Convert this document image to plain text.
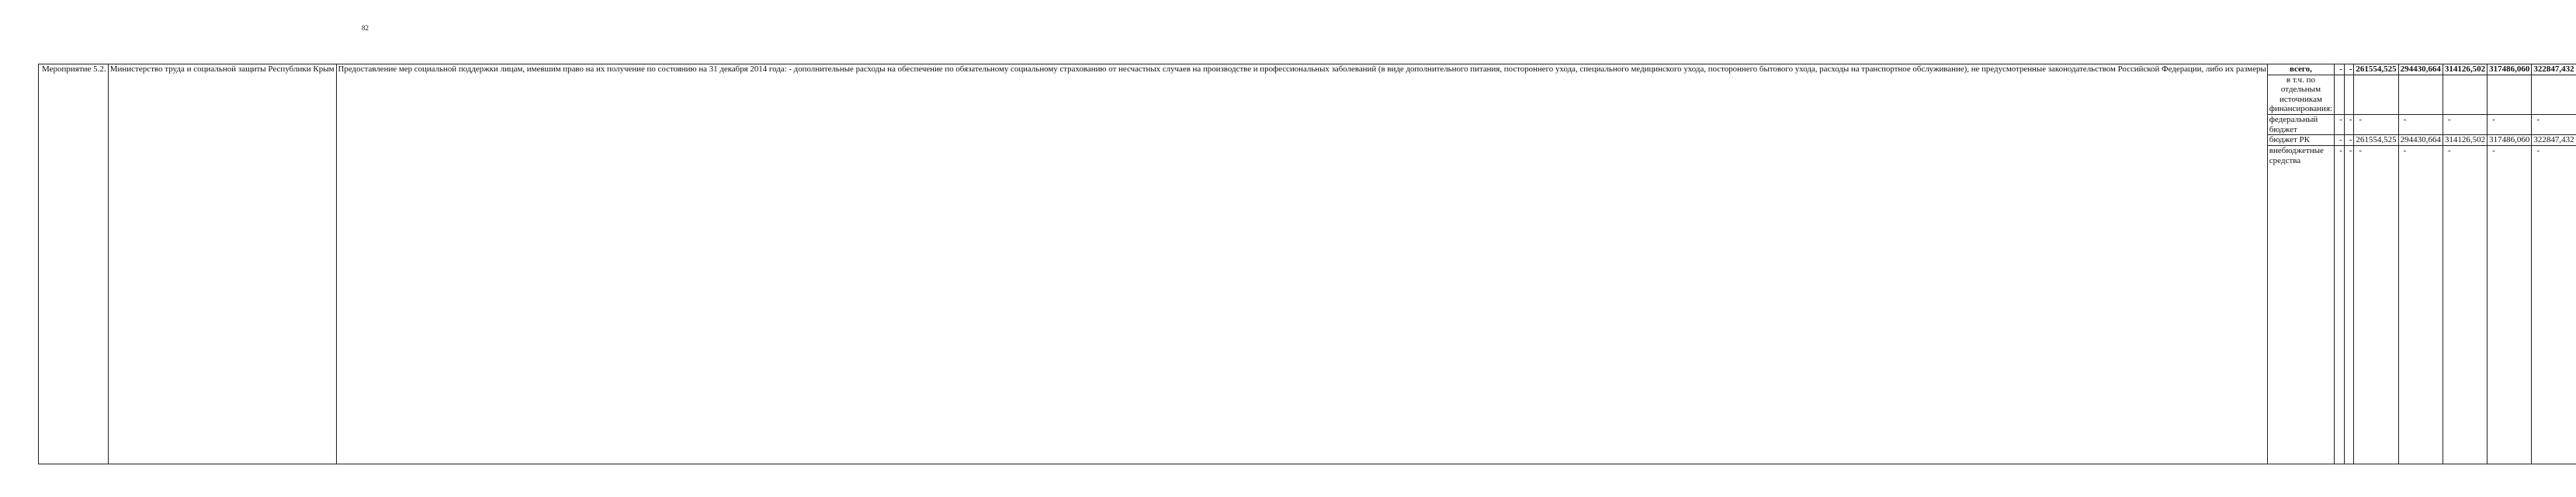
82
Мероприятие 5.2.	Министерство труда и социальной защиты Республики Крым	Предоставление мер социальной поддержки лицам, имевшим право на их получение по состоянию на 31 декабря 2014 года: - дополнительные расходы на обеспечение по обязательному социальному страхованию от несчастных случаев на производстве и профессиональных заболеваний (в виде дополнительного питания, постороннего ухода, специального медицинского ухода, постороннего бытового ухода, расходы на транспортное обслуживание), не предусмотренные законодательством Российской Федерации, либо их размеры	всего,	-	-	261554,525	294430,664	314126,502	317486,060	322847,432
			в т.ч. по отдельным источникам финансирования:							
			федеральный бюджет	-	-	-	-	-	-	-
			бюджет РК	-	-	261554,525	294430,664	314126,502	317486,060	322847,432
			внебюджетные средства	-	-	-	-	-	-	-
